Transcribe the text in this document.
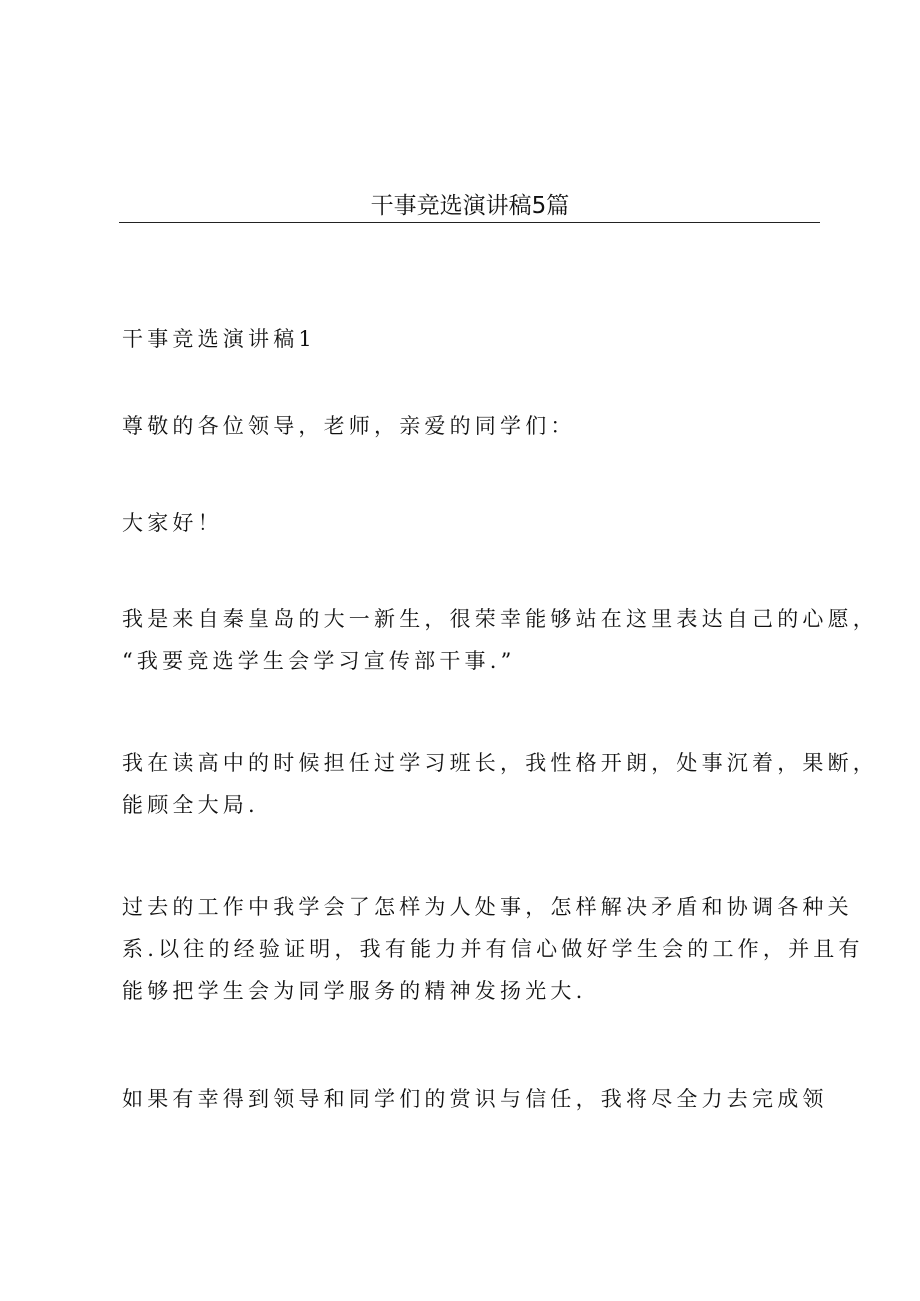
干事竞选演讲稿5篇

干事竞选演讲稿1

尊敬的各位领导，老师，亲爱的同学们：

大家好！

我是来自秦皇岛的大一新生，很荣幸能够站在这里表达自己的心愿，
“我要竞选学生会学习宣传部干事.”

我在读高中的时候担任过学习班长，我性格开朗，处事沉着，果断，
能顾全大局.

过去的工作中我学会了怎样为人处事，怎样解决矛盾和协调各种关
系.以往的经验证明，我有能力并有信心做好学生会的工作，并且有
能够把学生会为同学服务的精神发扬光大.

如果有幸得到领导和同学们的赏识与信任，我将尽全力去完成领
